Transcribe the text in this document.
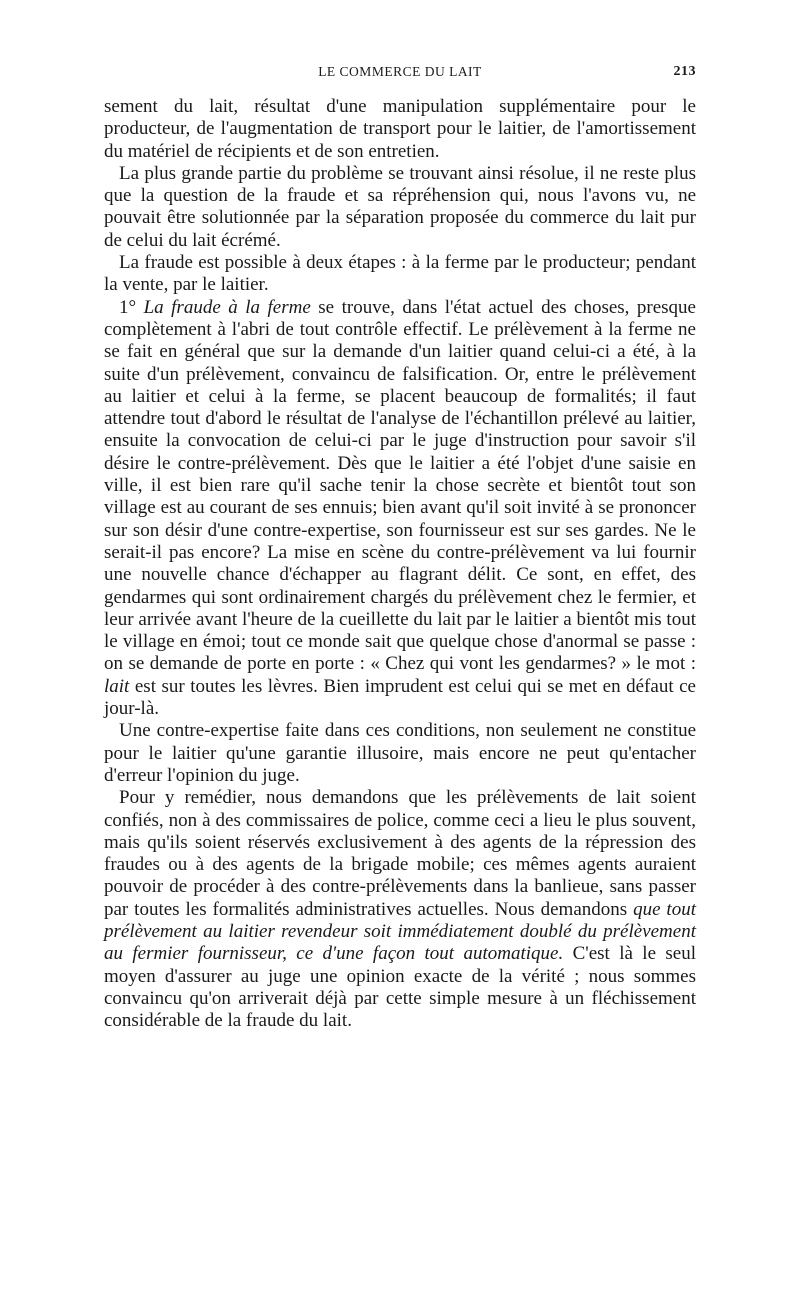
LE COMMERCE DU LAIT	213

sement du lait, résultat d'une manipulation supplémentaire pour le producteur, de l'augmentation de transport pour le laitier, de l'amortissement du matériel de récipients et de son entretien.

La plus grande partie du problème se trouvant ainsi résolue, il ne reste plus que la question de la fraude et sa répréhension qui, nous l'avons vu, ne pouvait être solutionnée par la séparation proposée du commerce du lait pur de celui du lait écrémé.

La fraude est possible à deux étapes : à la ferme par le producteur; pendant la vente, par le laitier.

1° La fraude à la ferme se trouve, dans l'état actuel des choses, presque complètement à l'abri de tout contrôle effectif. Le prélèvement à la ferme ne se fait en général que sur la demande d'un laitier quand celui-ci a été, à la suite d'un prélèvement, convaincu de falsification. Or, entre le prélèvement au laitier et celui à la ferme, se placent beaucoup de formalités; il faut attendre tout d'abord le résultat de l'analyse de l'échantillon prélevé au laitier, ensuite la convocation de celui-ci par le juge d'instruction pour savoir s'il désire le contre-prélèvement. Dès que le laitier a été l'objet d'une saisie en ville, il est bien rare qu'il sache tenir la chose secrète et bientôt tout son village est au courant de ses ennuis; bien avant qu'il soit invité à se prononcer sur son désir d'une contre-expertise, son fournisseur est sur ses gardes. Ne le serait-il pas encore? La mise en scène du contre-prélèvement va lui fournir une nouvelle chance d'échapper au flagrant délit. Ce sont, en effet, des gendarmes qui sont ordinairement chargés du prélèvement chez le fermier, et leur arrivée avant l'heure de la cueillette du lait par le laitier a bientôt mis tout le village en émoi; tout ce monde sait que quelque chose d'anormal se passe : on se demande de porte en porte : « Chez qui vont les gendarmes? » le mot : lait est sur toutes les lèvres. Bien imprudent est celui qui se met en défaut ce jour-là.

Une contre-expertise faite dans ces conditions, non seulement ne constitue pour le laitier qu'une garantie illusoire, mais encore ne peut qu'entacher d'erreur l'opinion du juge.

Pour y remédier, nous demandons que les prélèvements de lait soient confiés, non à des commissaires de police, comme ceci a lieu le plus souvent, mais qu'ils soient réservés exclusivement à des agents de la répression des fraudes ou à des agents de la brigade mobile; ces mêmes agents auraient pouvoir de procéder à des contre-prélèvements dans la banlieue, sans passer par toutes les formalités administratives actuelles. Nous demandons que tout prélèvement au laitier revendeur soit immédiatement doublé du prélèvement au fermier fournisseur, ce d'une façon tout automatique. C'est là le seul moyen d'assurer au juge une opinion exacte de la vérité ; nous sommes convaincu qu'on arriverait déjà par cette simple mesure à un fléchissement considérable de la fraude du lait.
